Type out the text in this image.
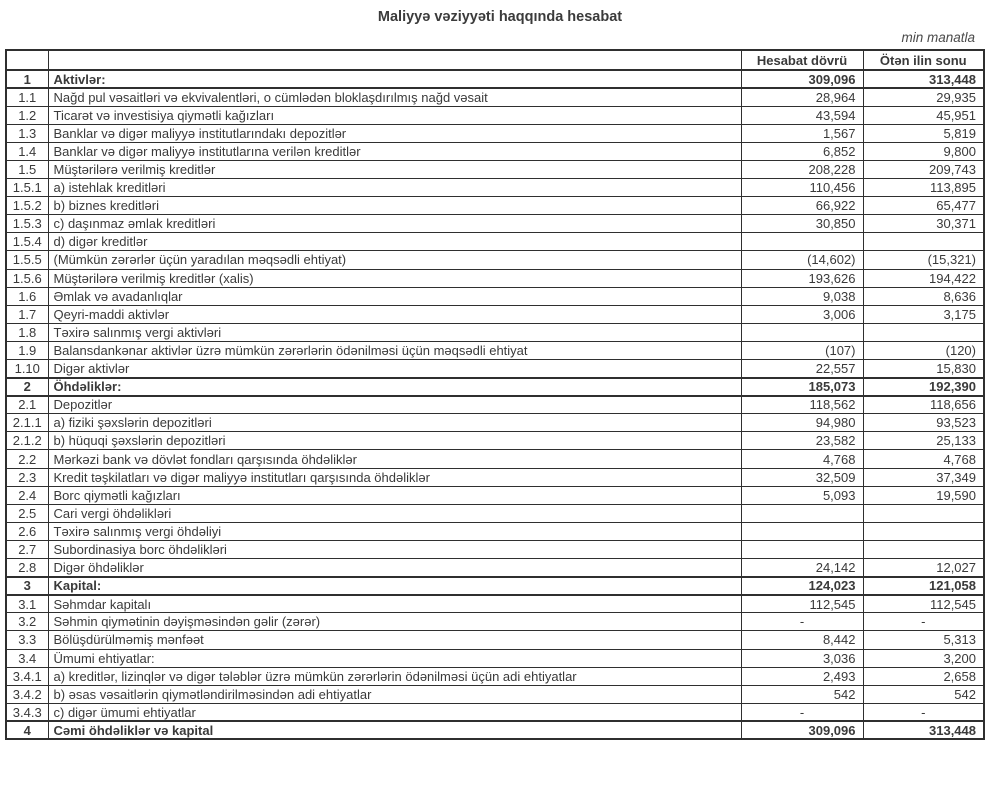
Maliyyə vəziyyəti haqqında hesabat
min manatla
		Hesabat dövrü	Ötən ilin sonu
1	Aktivlər:	309,096	313,448
1.1	Nağd pul vəsaitləri və ekvivalentləri, o cümlədən bloklaşdırılmış nağd vəsait	28,964	29,935
1.2	Ticarət və investisiya qiymətli kağızları	43,594	45,951
1.3	Banklar və digər maliyyə institutlarındakı depozitlər	1,567	5,819
1.4	Banklar və digər maliyyə institutlarına verilən kreditlər	6,852	9,800
1.5	Müştərilərə verilmiş kreditlər	208,228	209,743
1.5.1	a) istehlak kreditləri	110,456	113,895
1.5.2	b) biznes kreditləri	66,922	65,477
1.5.3	c) daşınmaz əmlak kreditləri	30,850	30,371
1.5.4	d) digər kreditlər		
1.5.5	(Mümkün zərərlər üçün yaradılan məqsədli ehtiyat)	(14,602)	(15,321)
1.5.6	Müştərilərə verilmiş kreditlər (xalis)	193,626	194,422
1.6	Əmlak və avadanlıqlar	9,038	8,636
1.7	Qeyri-maddi aktivlər	3,006	3,175
1.8	Təxirə salınmış vergi aktivləri		
1.9	Balansdankənar aktivlər üzrə mümkün zərərlərin ödənilməsi üçün məqsədli ehtiyat	(107)	(120)
1.10	Digər aktivlər	22,557	15,830
2	Öhdəliklər:	185,073	192,390
2.1	Depozitlər	118,562	118,656
2.1.1	a) fiziki şəxslərin depozitləri	94,980	93,523
2.1.2	b) hüquqi şəxslərin depozitləri	23,582	25,133
2.2	Mərkəzi bank və dövlət fondları qarşısında öhdəliklər	4,768	4,768
2.3	Kredit təşkilatları və digər maliyyə institutları qarşısında öhdəliklər	32,509	37,349
2.4	Borc qiymətli kağızları	5,093	19,590
2.5	Cari vergi öhdəlikləri		
2.6	Təxirə salınmış vergi öhdəliyi		
2.7	Subordinasiya borc öhdəlikləri		
2.8	Digər öhdəliklər	24,142	12,027
3	Kapital:	124,023	121,058
3.1	Səhmdar kapitalı	112,545	112,545
3.2	Səhmin qiymətinin dəyişməsindən gəlir (zərər)	-	-
3.3	Bölüşdürülməmiş mənfəət	8,442	5,313
3.4	Ümumi ehtiyatlar:	3,036	3,200
3.4.1	a) kreditlər, lizinqlər və digər tələblər üzrə mümkün zərərlərin ödənilməsi üçün adi ehtiyatlar	2,493	2,658
3.4.2	b) əsas vəsaitlərin qiymətləndirilməsindən adi ehtiyatlar	542	542
3.4.3	c) digər ümumi ehtiyatlar	-	-
4	Cəmi öhdəliklər və kapital	309,096	313,448
